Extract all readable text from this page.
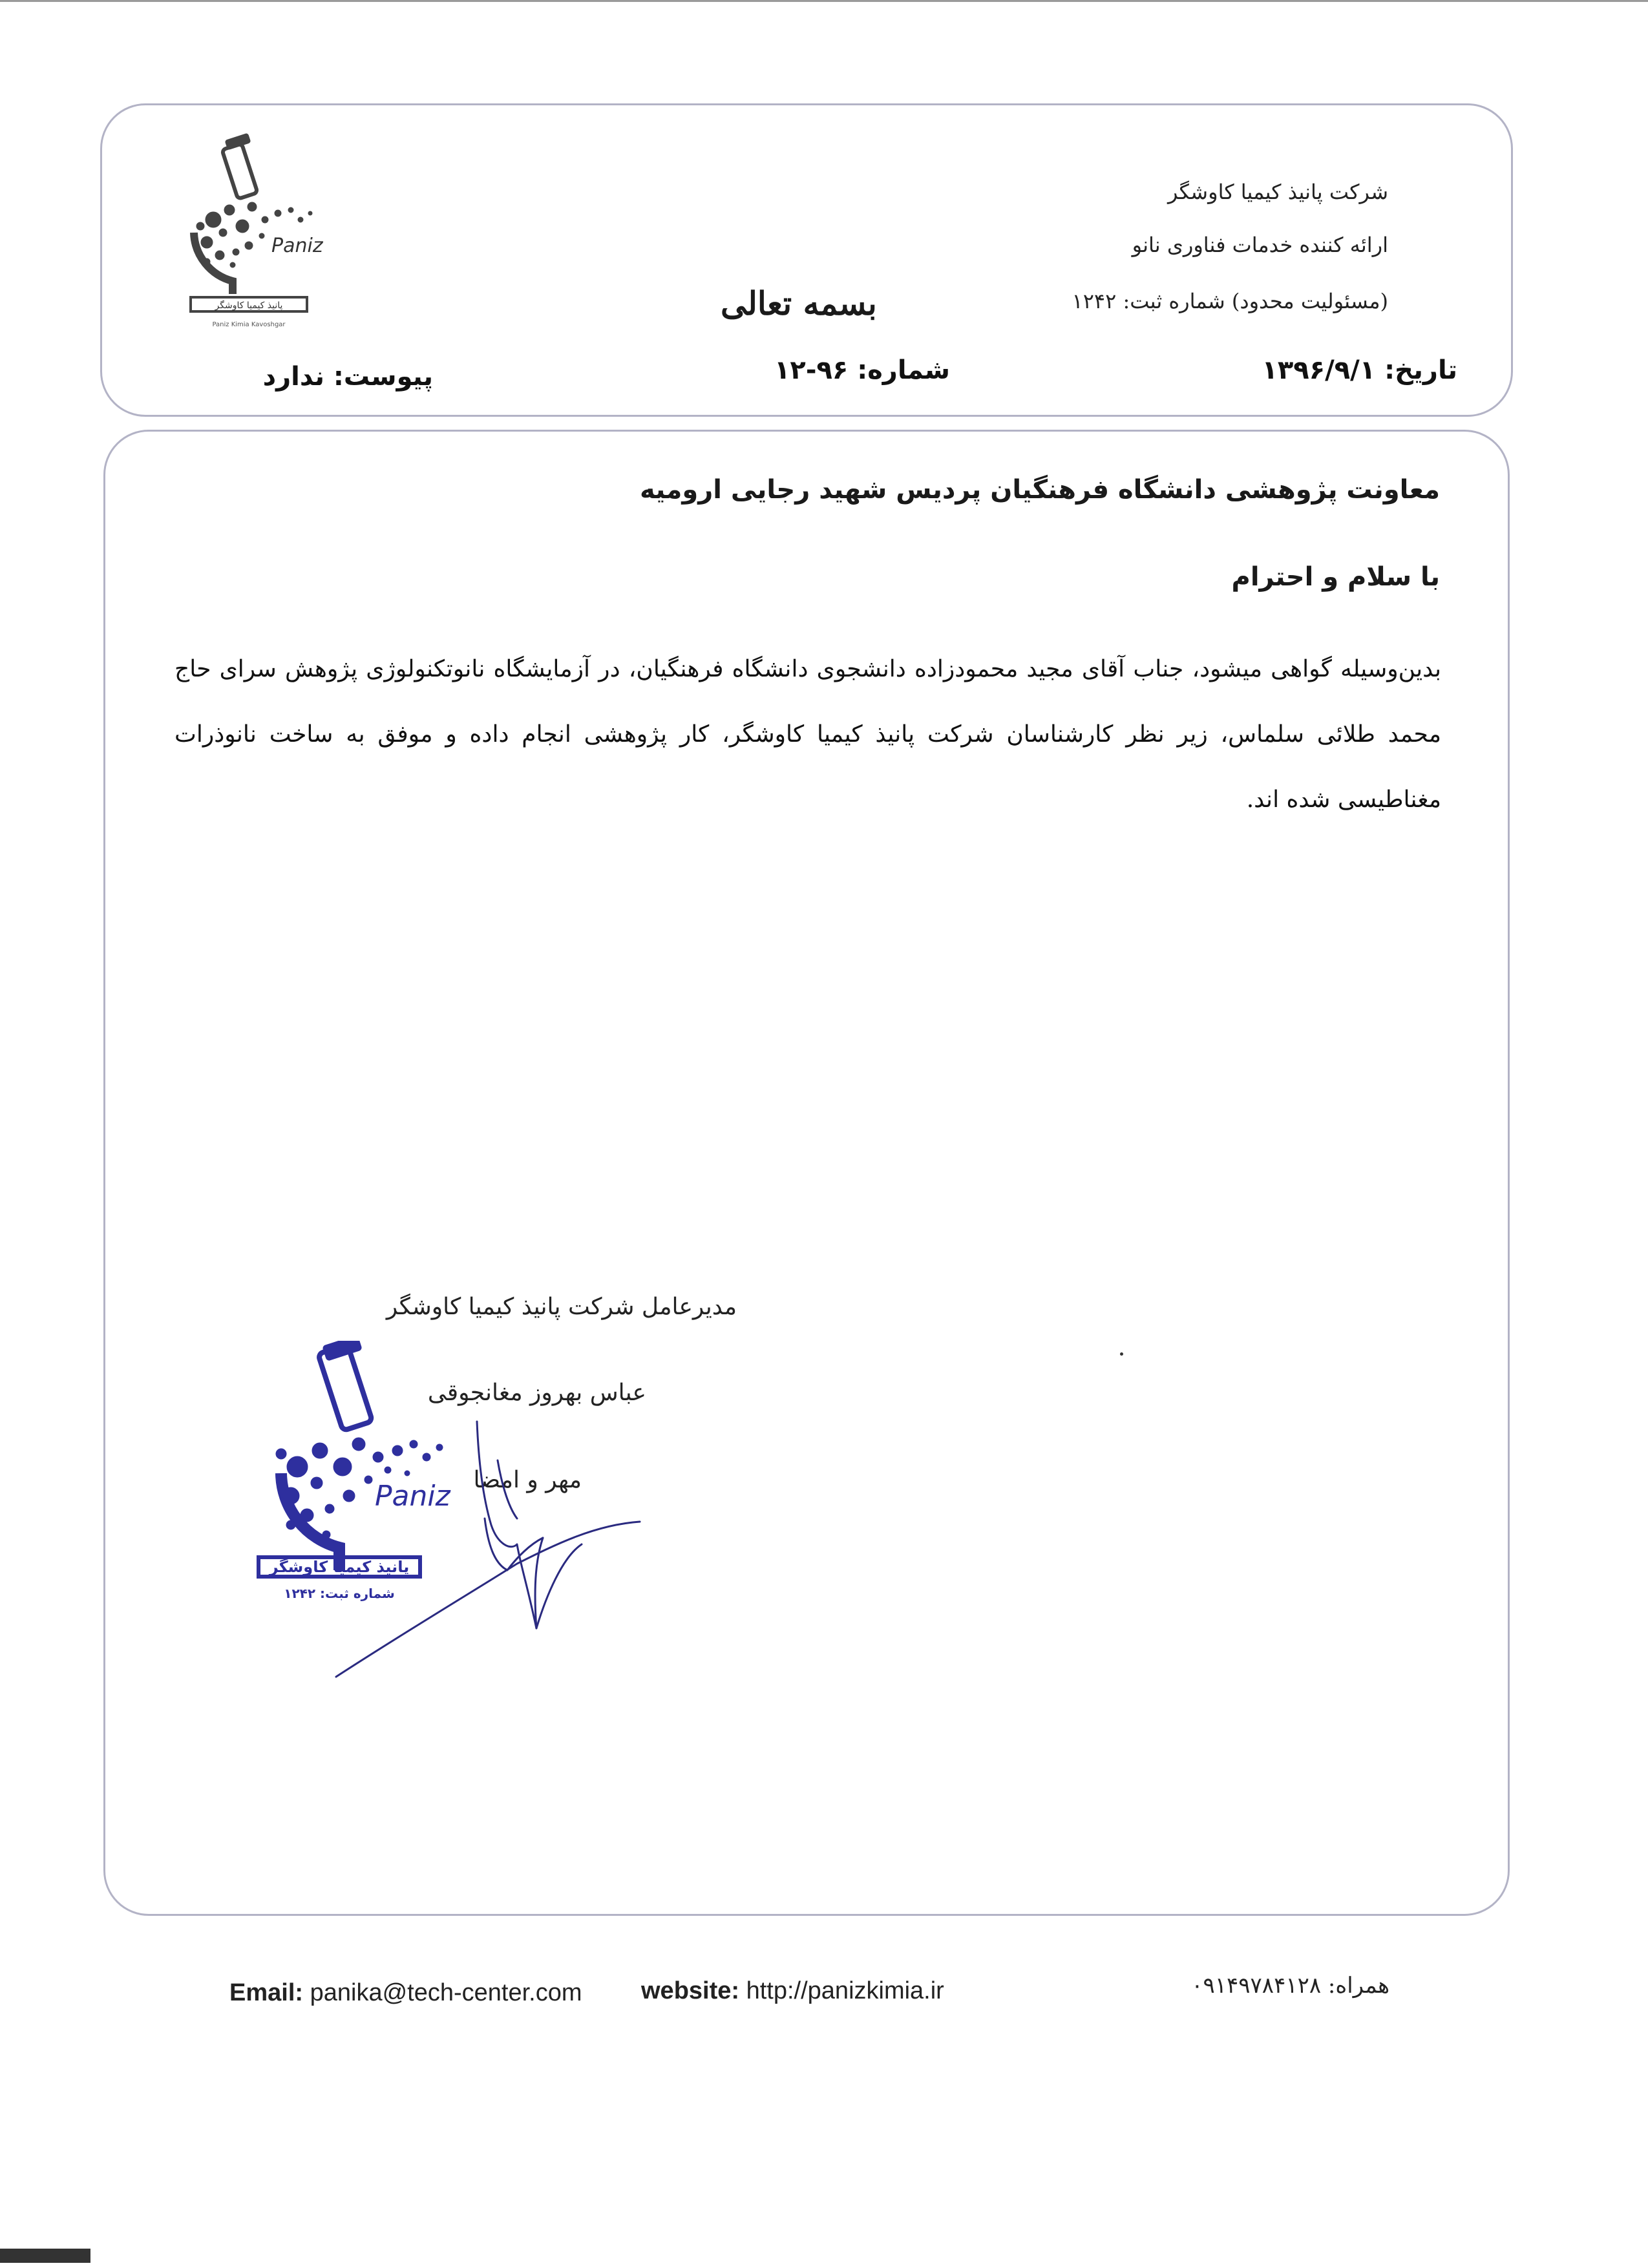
Paniz
پانیذ کیمیا کاوشگر
Paniz Kimia Kavoshgar
شرکت پانیذ کیمیا کاوشگر
ارائه کننده خدمات فناوری نانو
(مسئولیت محدود) شماره ثبت: ۱۲۴۲
بسمه تعالی
تاریخ: ۱۳۹۶/۹/۱
شماره: ۹۶-۱۲
پیوست: ندارد
معاونت پژوهشی دانشگاه فرهنگیان پردیس شهید رجایی ارومیه
با سلام و احترام
بدین‌وسیله گواهی میشود، جناب آقای مجید محمودزاده دانشجوی دانشگاه فرهنگیان، در آزمایشگاه نانوتکنولوژی پژوهش سرای حاج محمد طلائی سلماس، زیر نظر کارشناسان شرکت پانیذ کیمیا کاوشگر، کار پژوهشی انجام داده و موفق به ساخت نانوذرات مغناطیسی شده اند.
مدیرعامل شرکت پانیذ کیمیا کاوشگر
عباس بهروز مغانجوقی
مهر و امضا
Paniz
پانیذ کیمیا کاوشگر
شماره ثبت: ۱۲۴۲
Email: panika@tech-center.com website: http://panizkimia.ir	همراه: ۰۹۱۴۹۷۸۴۱۲۸
